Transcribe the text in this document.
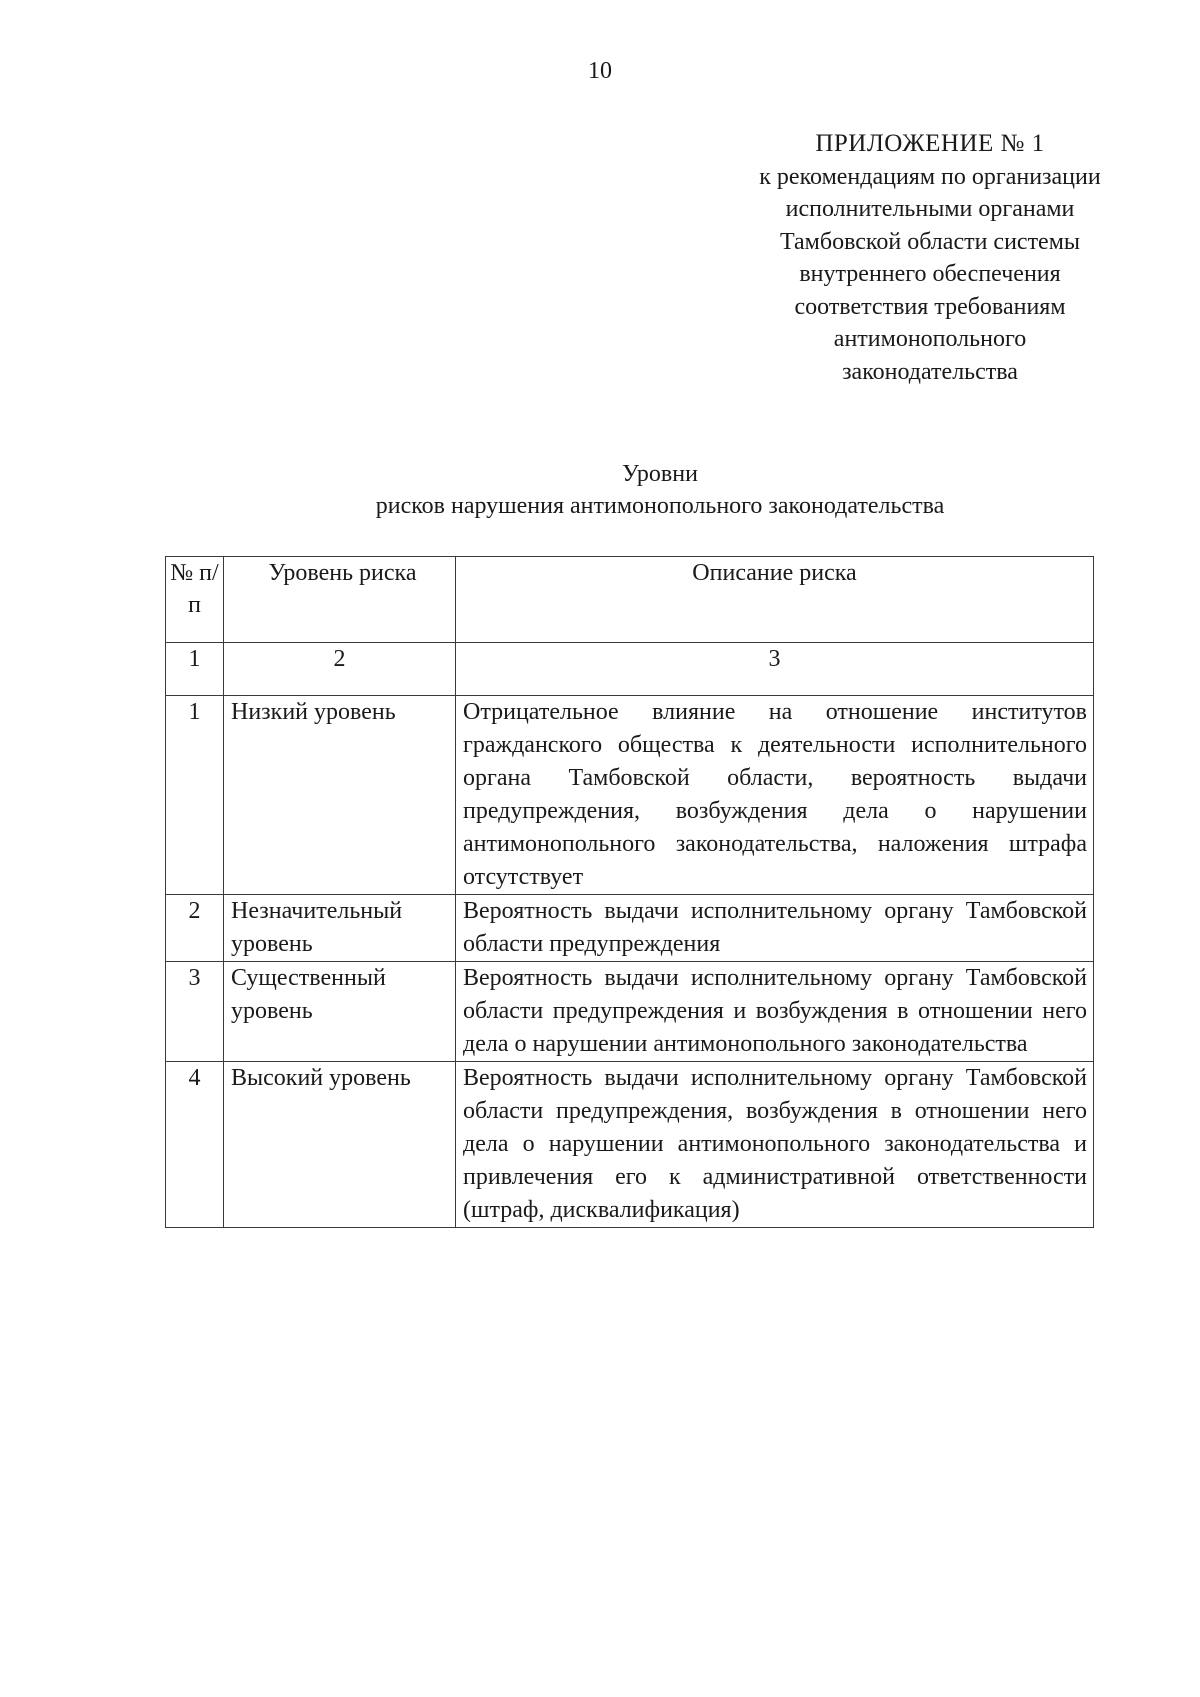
10
ПРИЛОЖЕНИЕ № 1
к рекомендациям по организации
исполнительными органами
Тамбовской области системы
внутреннего обеспечения
соответствия требованиям
антимонопольного
законодательства
Уровни
рисков нарушения антимонопольного законодательства
№ п/п	Уровень риска	Описание риска
1	2	3
1	Низкий уровень	Отрицательное влияние на отношение институтов гражданского общества к деятельности исполнительного органа Тамбовской области, вероятность выдачи предупреждения, возбуждения дела о нарушении антимонопольного законодательства, наложения штрафа отсутствует
2	Незначительный уровень	Вероятность выдачи исполнительному органу Тамбовской области предупреждения
3	Существенный уровень	Вероятность выдачи исполнительному органу Тамбовской области предупреждения и возбуждения в отношении него дела о нарушении антимонопольного законодательства
4	Высокий уровень	Вероятность выдачи исполнительному органу Тамбовской области предупреждения, возбуждения в отношении него дела о нарушении антимонопольного законодательства и привлечения его к административной ответственности (штраф, дисквалификация)
